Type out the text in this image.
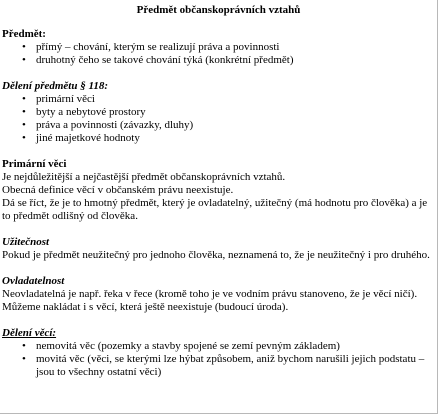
Předmět občanskoprávních vztahů
Předmět:
• přímý – chování, kterým se realizují práva a povinnosti
• druhotný čeho se takové chování týká (konkrétní předmět)
Dělení předmětu § 118:
• primární věci
• byty a nebytové prostory
• práva a povinnosti (závazky, dluhy)
• jiné majetkové hodnoty
Primární věci

Je nejdůležitější a nejčastější předmět občanskoprávních vztahů.

Obecná definice věcí v občanském právu neexistuje.

Dá se říct, že je to hmotný předmět, který je ovladatelný, užitečný (má hodnotu pro člověka) a je to předmět odlišný od člověka.

Užitečnost

Pokud je předmět neužitečný pro jednoho člověka, neznamená to, že je neužitečný i pro druhého.

Ovladatelnost

Neovladatelná je např. řeka v řece (kromě toho je ve vodním právu stanoveno, že je věcí ničí).

Můžeme nakládat i s věcí, která ještě neexistuje (budoucí úroda).

Dělení věcí:
• nemovitá věc (pozemky a stavby spojené se zemí pevným základem)
• movitá věc (věci, se kterými lze hýbat způsobem, aniž bychom narušili jejich podstatu – jsou to všechny ostatní věci)
